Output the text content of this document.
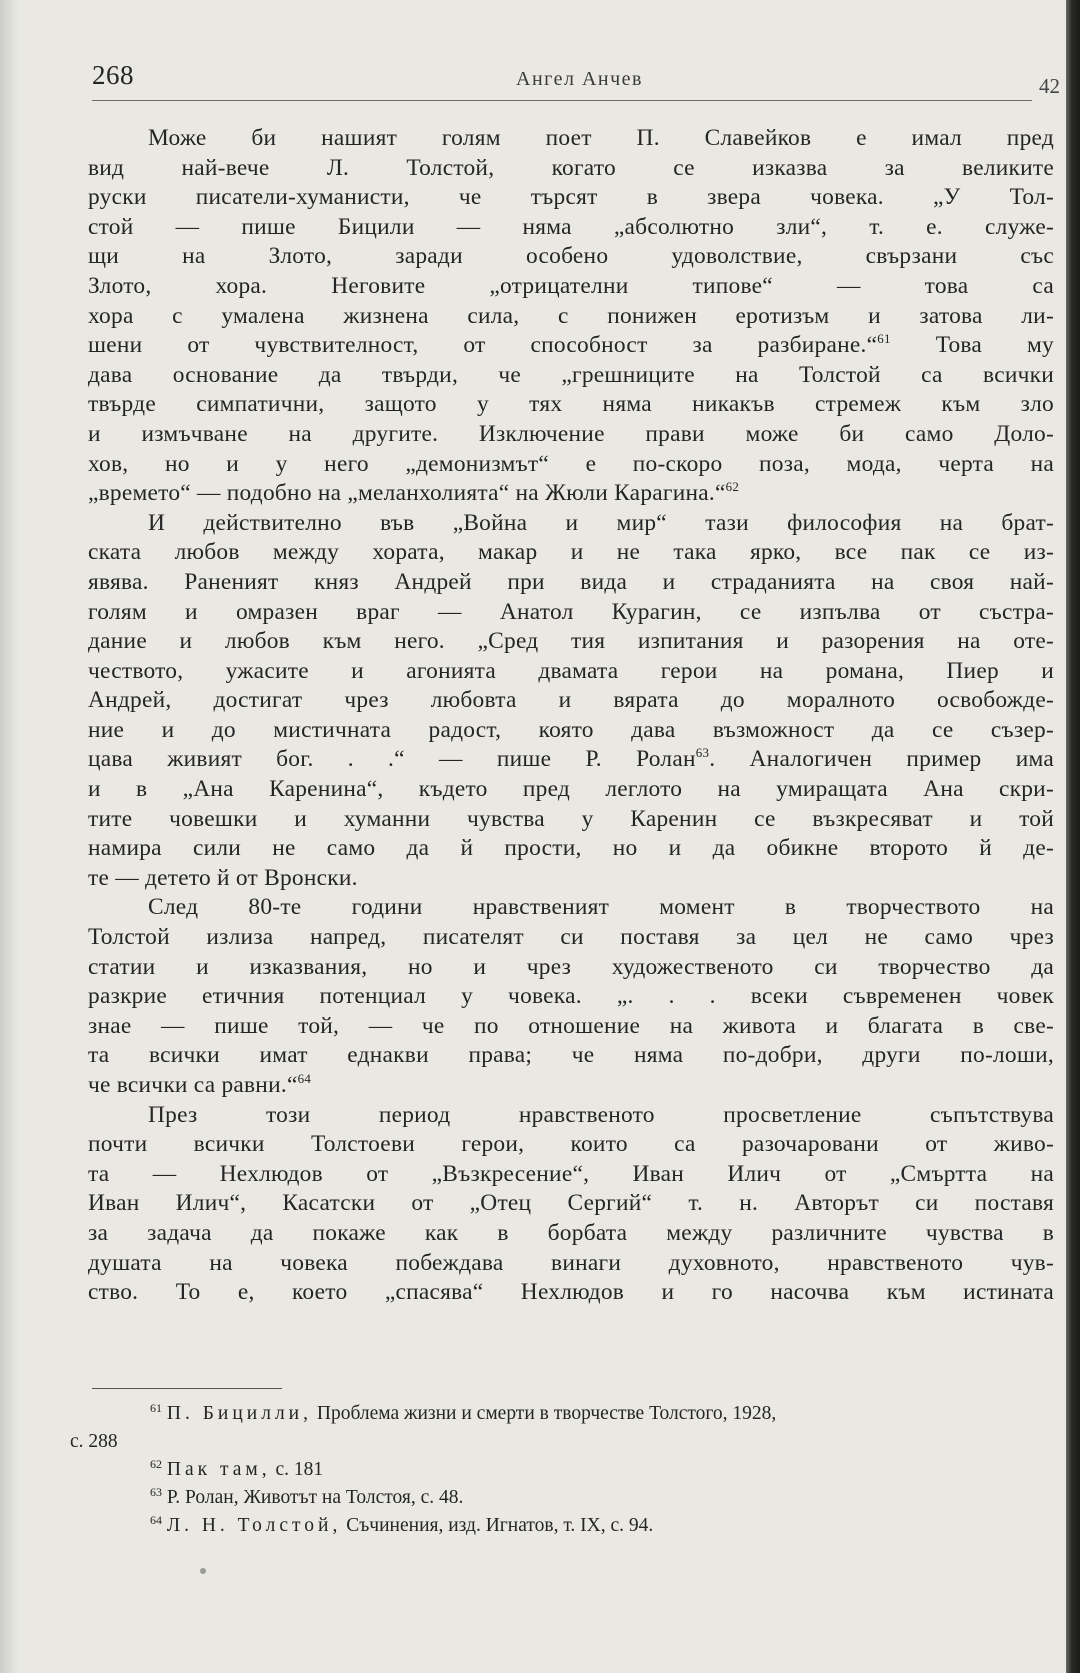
268	Ангел Анчев	42
Може би нашият голям поет П. Славейков е имал пред
вид най-вече Л. Толстой, когато се изказва за великите
руски писатели-хуманисти, че търсят в звера човека. „У Тол-
стой — пише Бицили — няма „абсолютно зли“, т. е. служе-
щи на Злото, заради особено удоволствие, свързани със
Злото, хора. Неговите „отрицателни типове“ — това са
хора с умалена жизнена сила, с понижен еротизъм и затова ли-
шени от чувствителност, от способност за разбиране.“$^{61}$ Това му
дава основание да твърди, че „грешниците на Толстой са всички
твърде симпатични, защото у тях няма никакъв стремеж към зло
и измъчване на другите. Изключение прави може би само Доло-
хов, но и у него „демонизмът“ е по-скоро поза, мода, черта на
„времето“ — подобно на „меланхолията“ на Жюли Карагина.“$^{62}$
И действително във „Война и мир“ тази философия на брат-
ската любов между хората, макар и не така ярко, все пак се из-
явява. Раненият княз Андрей при вида и страданията на своя най-
голям и омразен враг — Анатол Курагин, се изпълва от състра-
дание и любов към него. „Сред тия изпитания и разорения на оте-
чеството, ужасите и агонията двамата герои на романа, Пиер и
Андрей, достигат чрез любовта и вярата до моралното освобожде-
ние и до мистичната радост, която дава възможност да се съзер-
цава живият бог. . .“ — пише Р. Ролан$^{63}$. Аналогичен пример има
и в „Ана Каренина“, където пред леглото на умиращата Ана скри-
тите човешки и хуманни чувства у Каренин се възкресяват и той
намира сили не само да й прости, но и да обикне второто й де-
те — детето й от Вронски.
След 80-те години нравственият момент в творчеството на
Толстой излиза напред, писателят си поставя за цел не само чрез
статии и изказвания, но и чрез художественото си творчество да
разкрие етичния потенциал у човека. „. . . всеки съвременен човек
знае — пише той, — че по отношение на живота и благата в све-
та всички имат еднакви права; че няма по-добри, други по-лоши,
че всички са равни.“$^{64}$
През този период нравственото просветление съпътствува
почти всички Толстоеви герои, които са разочаровани от живо-
та — Нехлюдов от „Възкресение“, Иван Илич от „Смъртта на
Иван Илич“, Касатски от „Отец Сергий“ т. н. Авторът си поставя
за задача да покаже как в борбата между различните чувства в
душата на човека побеждава винаги духовното, нравственото чув-
ство. То е, което „спасява“ Нехлюдов и го насочва към истината
$^{61}$ П. Бицилли, Проблема жизни и смерти в творчестве Толстого, 1928,
с. 288
$^{62}$ Пак там, с. 181
$^{63}$ Р. Ролан, Животът на Толстоя, с. 48.
$^{64}$ Л. Н. Толстой, Съчинения, изд. Игнатов, т. IX, с. 94.
